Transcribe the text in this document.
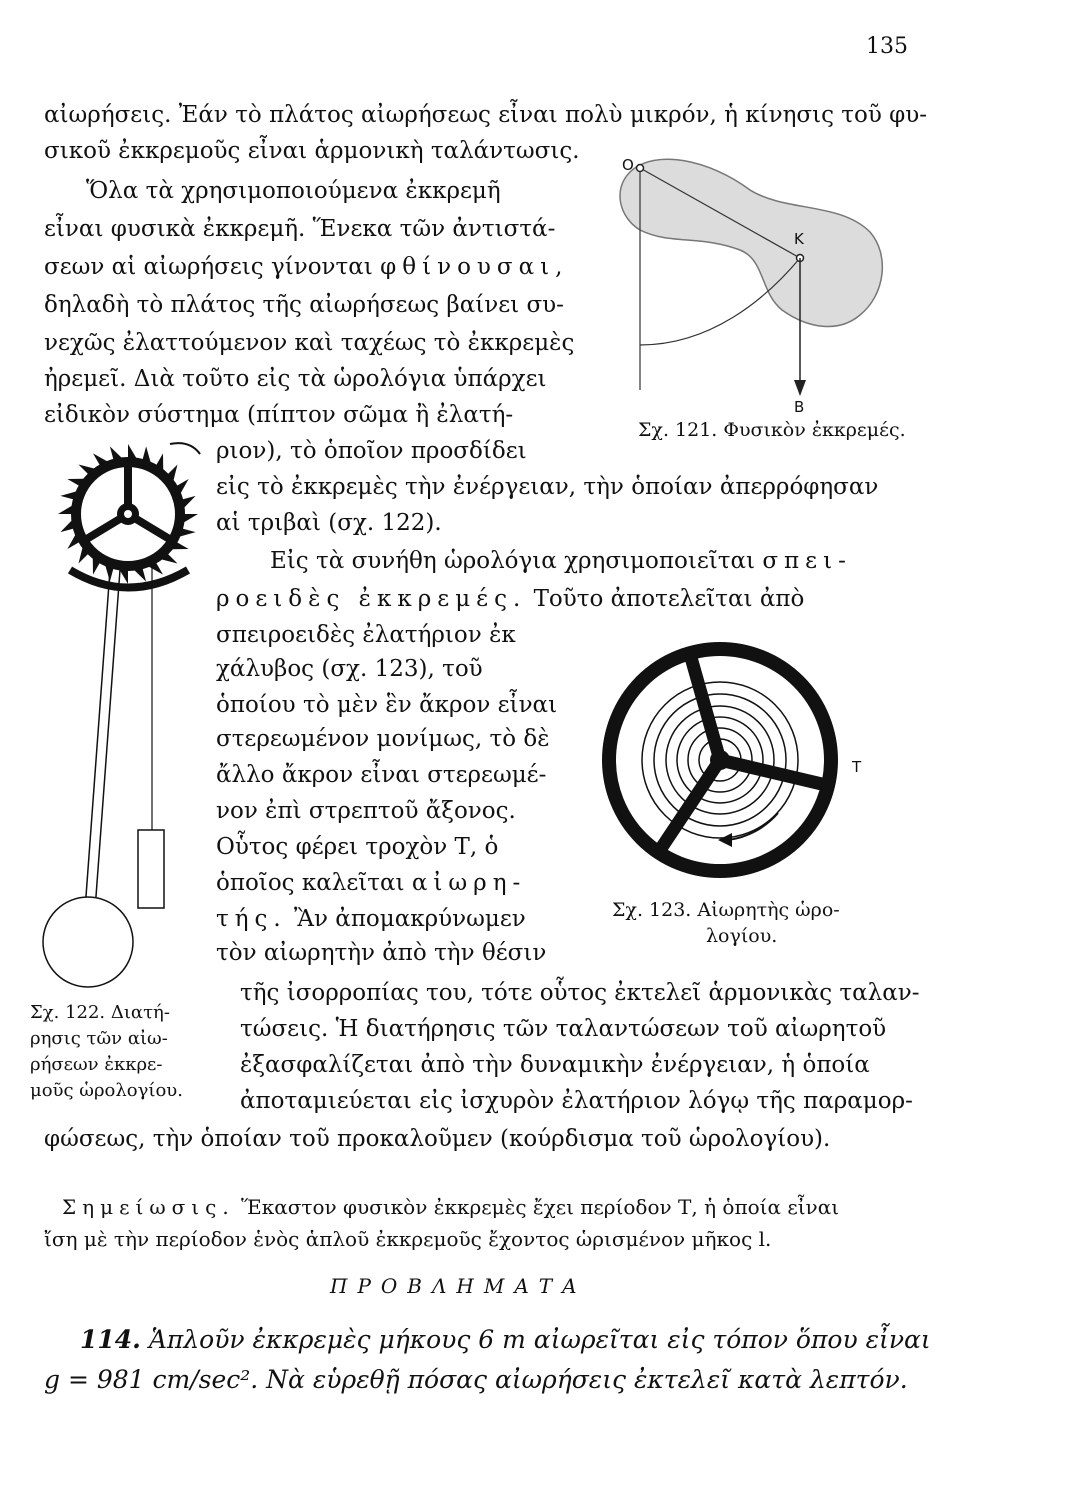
135
αἰωρήσεις. Ἐάν τὸ πλάτος αἰωρήσεως εἶναι πολὺ μικρόν, ἡ κίνησις τοῦ φυ-
σικοῦ ἐκκρεμοῦς εἶναι ἁρμονικὴ ταλάντωσις.
Ὅλα τὰ χρησιμοποιούμενα ἐκκρεμῆ
εἶναι φυσικὰ ἐκκρεμῆ. Ἕνεκα τῶν ἀντιστά-
σεων αἱ αἰωρήσεις γίνονται φθίνουσαι,
δηλαδὴ τὸ πλάτος τῆς αἰωρήσεως βαίνει συ-
νεχῶς ἐλαττούμενον καὶ ταχέως τὸ ἐκκρεμὲς
ἠρεμεῖ. Διὰ τοῦτο εἰς τὰ ὡρολόγια ὑπάρχει
εἰδικὸν σύστημα (πίπτον σῶμα ἢ ἐλατή-
ριον), τὸ ὁποῖον προσδίδει
εἰς τὸ ἐκκρεμὲς τὴν ἐνέργειαν, τὴν ὁποίαν ἀπερρόφησαν
αἱ τριβαὶ (σχ. 122).
Εἰς τὰ συνήθη ὡρολόγια χρησιμοποιεῖται σπει-
ροειδὲς ἐκκρεμές. Τοῦτο ἀποτελεῖται ἀπὸ
σπειροειδὲς ἐλατήριον ἐκ
χάλυβος (σχ. 123), τοῦ
ὁποίου τὸ μὲν ἓν ἄκρον εἶναι
στερεωμένον μονίμως, τὸ δὲ
ἄλλο ἄκρον εἶναι στερεωμέ-
νον ἐπὶ στρεπτοῦ ἄξονος.
Οὗτος φέρει τροχὸν Τ, ὁ
ὁποῖος καλεῖται αἰωρη-
τής. Ἂν ἀπομακρύνωμεν
τὸν αἰωρητὴν ἀπὸ τὴν θέσιν
τῆς ἰσορροπίας του, τότε οὗτος ἐκτελεῖ ἁρμονικὰς ταλαν-
τώσεις. Ἡ διατήρησις τῶν ταλαντώσεων τοῦ αἰωρητοῦ
ἐξασφαλίζεται ἀπὸ τὴν δυναμικὴν ἐνέργειαν, ἡ ὁποία
ἀποταμιεύεται εἰς ἰσχυρὸν ἐλατήριον λόγῳ τῆς παραμορ-
φώσεως, τὴν ὁποίαν τοῦ προκαλοῦμεν (κούρδισμα τοῦ ὡρολογίου).
O
K
B
Σχ. 121. Φυσικὸν ἐκκρεμές.
Σχ. 122. Διατή-
ρησις τῶν αἰω-
ρήσεων ἐκκρε-
μοῦς ὡρολογίου.
T
Σχ. 123. Αἰωρητὴς ὡρο-
λογίου.
Σημείωσις. Ἕκαστον φυσικὸν ἐκκρεμὲς ἔχει περίοδον Τ, ἡ ὁποία εἶναι
ἴση μὲ τὴν περίοδον ἑνὸς ἁπλοῦ ἐκκρεμοῦς ἔχοντος ὡρισμένον μῆκος l.
ΠΡΟΒΛΗΜΑΤΑ
114. Ἁπλοῦν ἐκκρεμὲς μήκους 6 m αἰωρεῖται εἰς τόπον ὅπου εἶναι
g = 981 cm/sec². Νὰ εὑρεθῇ πόσας αἰωρήσεις ἐκτελεῖ κατὰ λεπτόν.
